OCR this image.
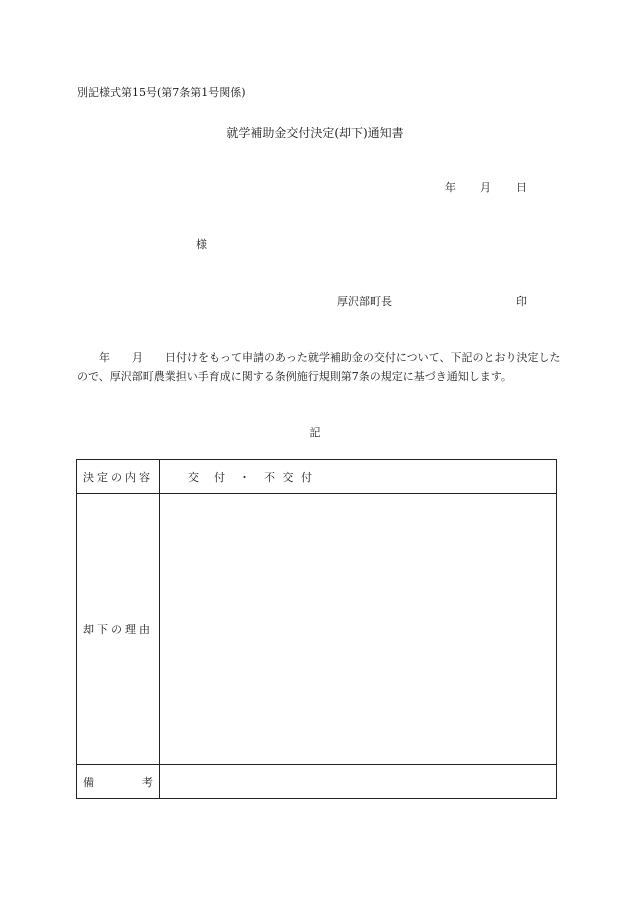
別記様式第15号(第7条第1号関係)
就学補助金交付決定(却下)通知書
年 月 日
様
厚沢部町長	印
　　年　　月　　日付けをもって申請のあった就学補助金の交付について、下記のとおり決定したので、厚沢部町農業担い手育成に関する条例施行規則第7条の規定に基づき通知します。
記
決定の内容	交　付 ・ 不 交 付

却下の理由	

備 考	
